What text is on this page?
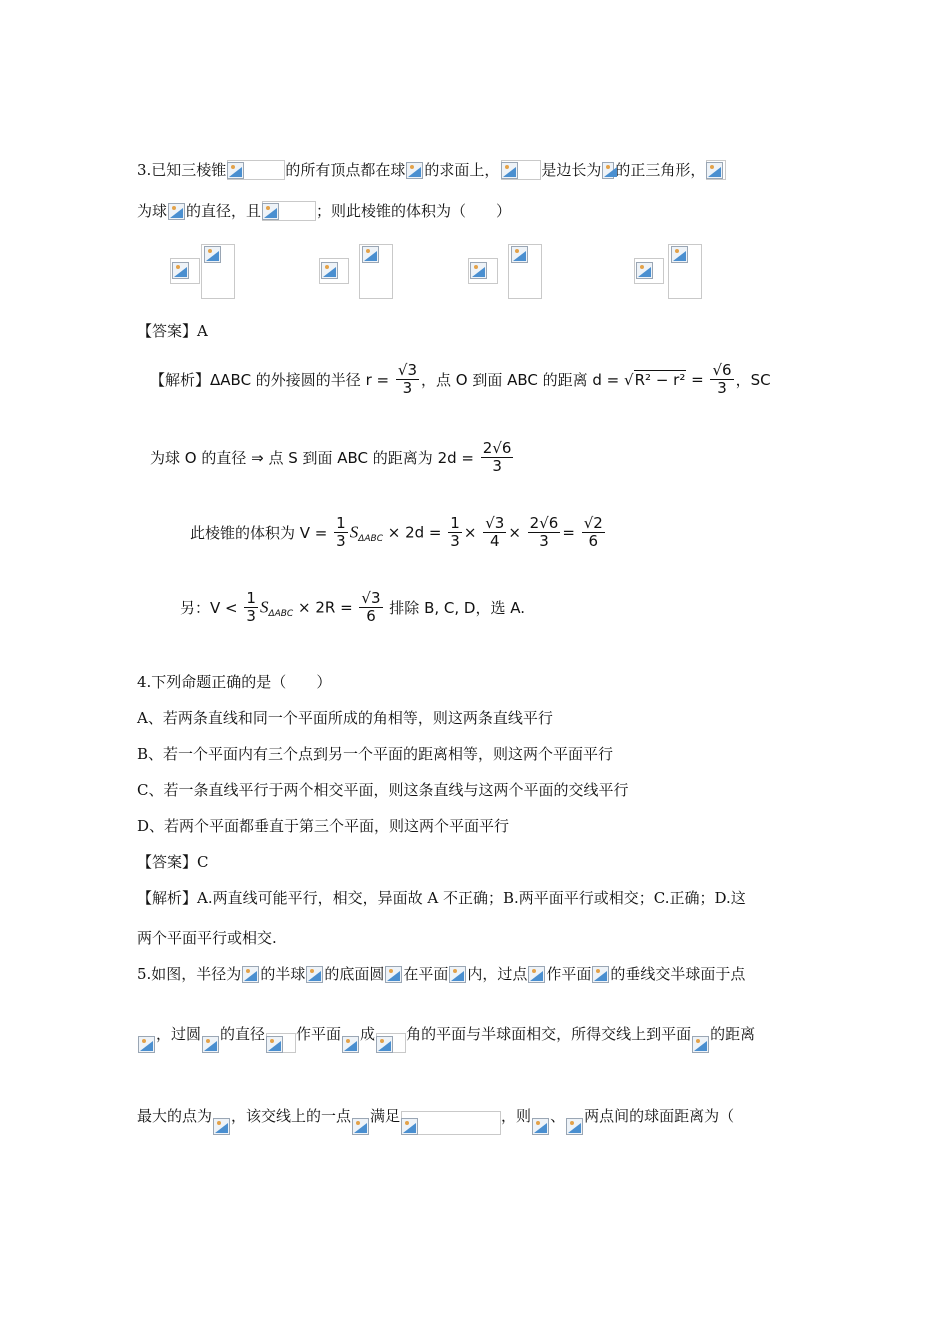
3.已知三棱锥	的所有顶点都在球 的求面上，	是边长为 的正三角形，
为球 的直径，且	；则此棱锥的体积为（　　）
【答案】A
【解析】ΔABC 的外接圆的半径 $r = \frac{√3}{3}$ ，点 O 到面 ABC 的距离 $d = √R^2 - r^2 = \frac{√6}{3}$ ，SC
为球 O 的直径 ⇒ 点 S 到面 ABC 的距离为 $2d = \frac{2√6}{3}$
此棱锥的体积为 $V = \frac{1}{3} S_{\Delta ABC} \times 2d = \frac{1}{3} \times \frac{√3}{4} \times \frac{2√6}{3} = \frac{√2}{6}$
另：$V < \frac{1}{3} S_{\Delta ABC} \times 2R = \frac{√3}{6}$ 排除 B, C, D，选 A.
4.下列命题正确的是（　　）
A、若两条直线和同一个平面所成的角相等，则这两条直线平行
B、若一个平面内有三个点到另一个平面的距离相等，则这两个平面平行
C、若一条直线平行于两个相交平面，则这条直线与这两个平面的交线平行
D、若两个平面都垂直于第三个平面，则这两个平面平行
【答案】C
【解析】A.两直线可能平行，相交，异面故 A 不正确；B.两平面平行或相交；C.正确；D.这
两个平面平行或相交.
5.如图，半径为 的半球 的底面圆 在平面 内，过点 作平面 的垂线交半球面于点
，过圆 的直径 作平面 成 角的平面与半球面相交，所得交线上到平面 的距离
最大的点为 ，该交线上的一点 满足	，则 、 两点间的球面距离为（
